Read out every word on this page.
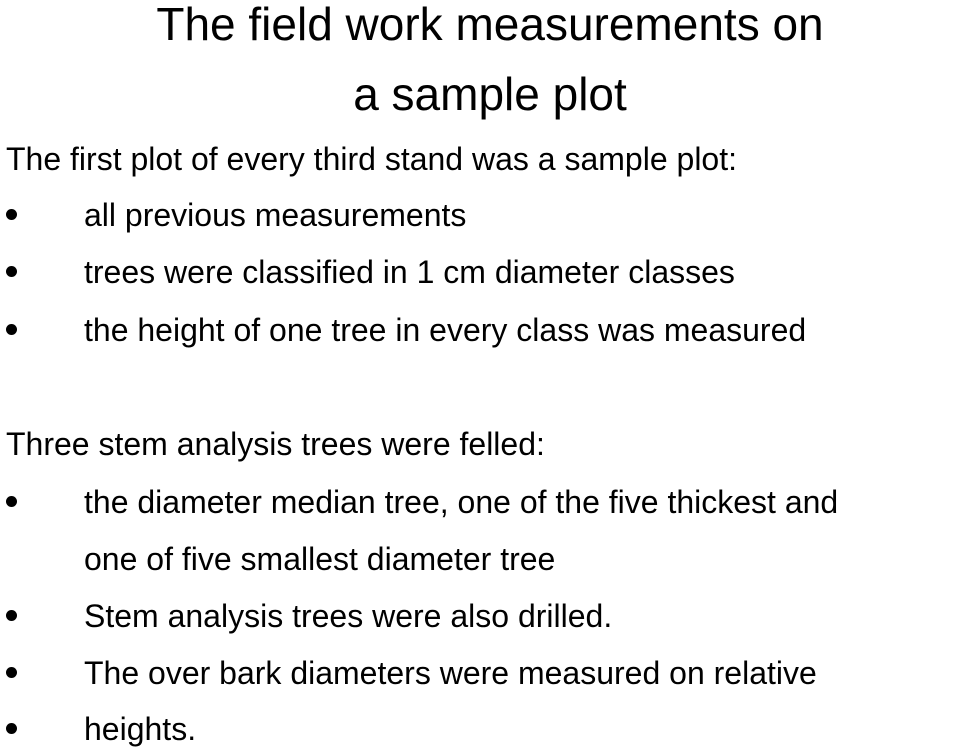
The field work measurements on
a sample plot
The first plot of every third stand was a sample plot:
all previous measurements
trees were classified in 1 cm diameter classes
the height of one tree in every class was measured
Three stem analysis trees were felled:
the diameter median tree, one of the five thickest and
one of five smallest diameter tree
Stem analysis trees were also drilled.
The over bark diameters were measured on relative
heights.
